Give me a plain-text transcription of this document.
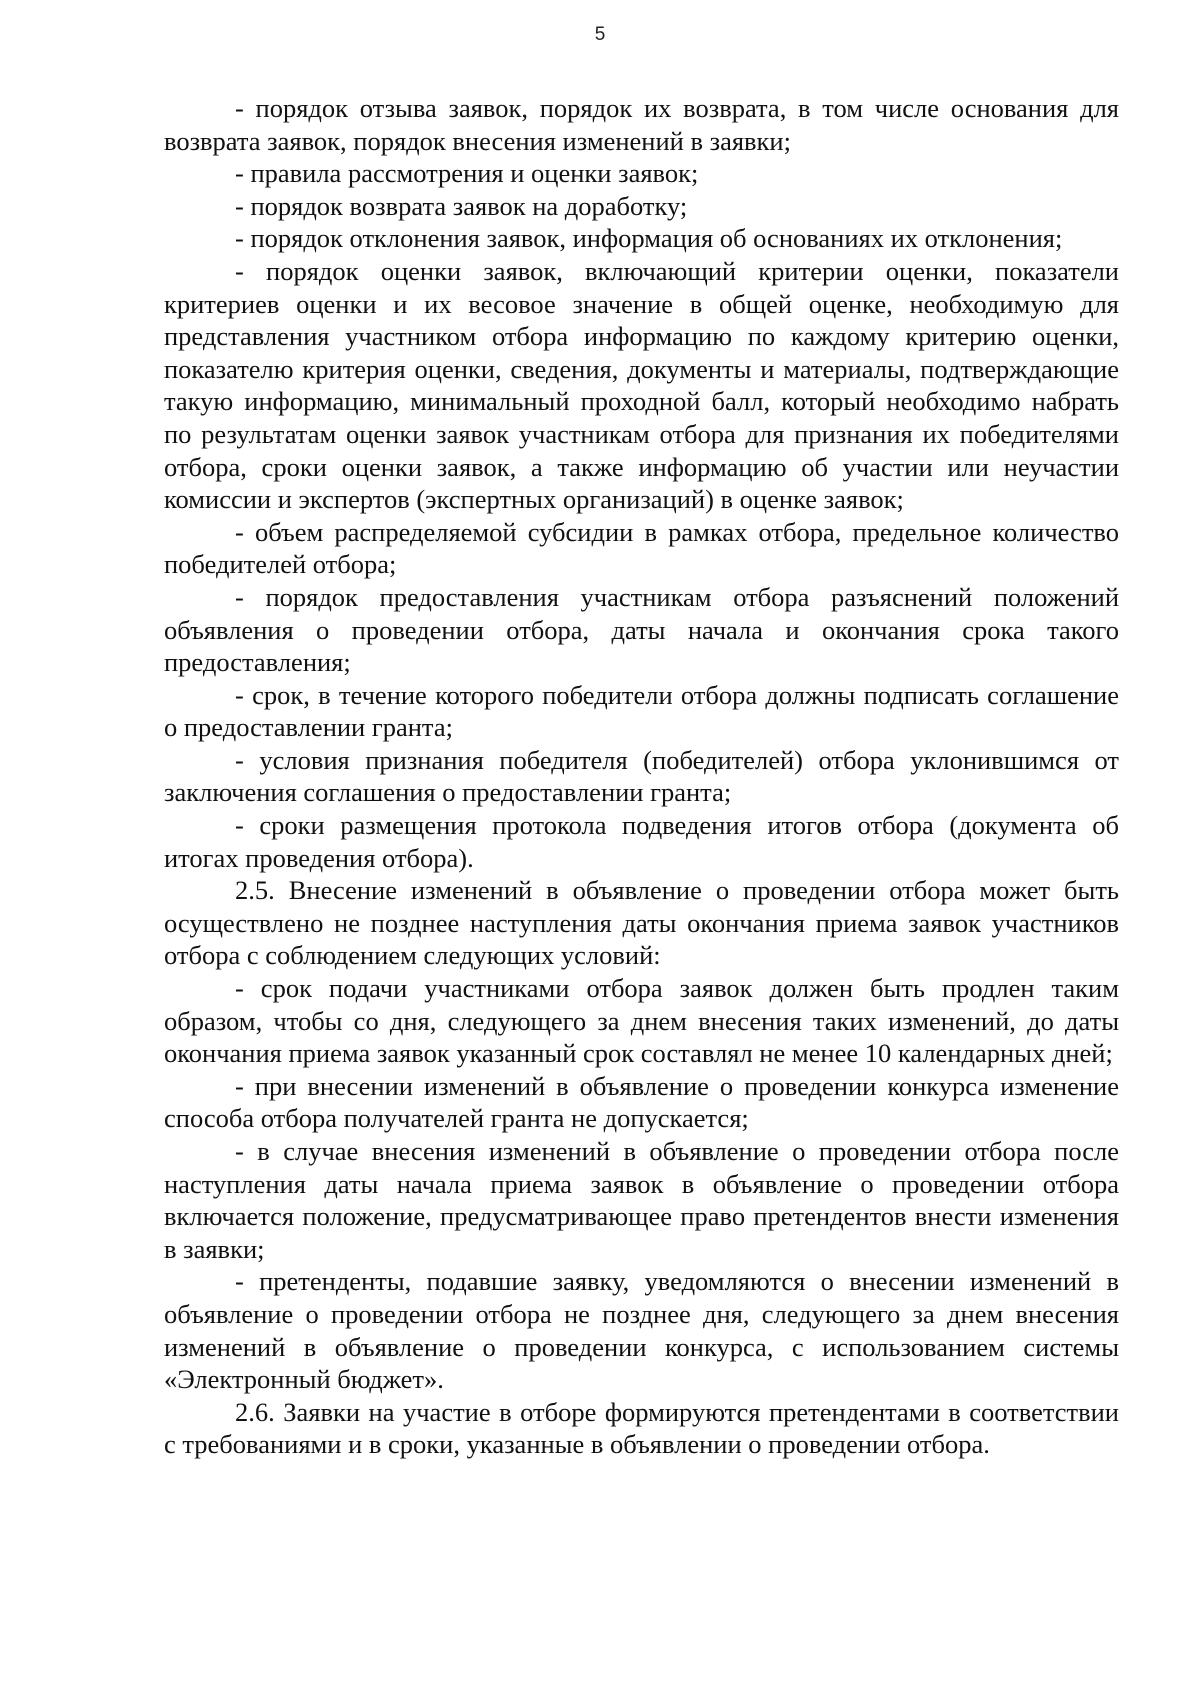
5

- порядок отзыва заявок, порядок их возврата, в том числе основания для возврата заявок, порядок внесения изменений в заявки;

- правила рассмотрения и оценки заявок;

- порядок возврата заявок на доработку;

- порядок отклонения заявок, информация об основаниях их отклонения;

- порядок оценки заявок, включающий критерии оценки, показатели критериев оценки и их весовое значение в общей оценке, необходимую для представления участником отбора информацию по каждому критерию оценки, показателю критерия оценки, сведения, документы и материалы, подтверждающие такую информацию, минимальный проходной балл, который необходимо набрать по результатам оценки заявок участникам отбора для признания их победителями отбора, сроки оценки заявок, а также информацию об участии или неучастии комиссии и экспертов (экспертных организаций) в оценке заявок;

- объем распределяемой субсидии в рамках отбора, предельное количество победителей отбора;

- порядок предоставления участникам отбора разъяснений положений объявления о проведении отбора, даты начала и окончания срока такого предоставления;

- срок, в течение которого победители отбора должны подписать соглашение о предоставлении гранта;

- условия признания победителя (победителей) отбора уклонившимся от заключения соглашения о предоставлении гранта;

- сроки размещения протокола подведения итогов отбора (документа об итогах проведения отбора).

2.5. Внесение изменений в объявление о проведении отбора может быть осуществлено не позднее наступления даты окончания приема заявок участников отбора с соблюдением следующих условий:

- срок подачи участниками отбора заявок должен быть продлен таким образом, чтобы со дня, следующего за днем внесения таких изменений, до даты окончания приема заявок указанный срок составлял не менее 10 календарных дней;

- при внесении изменений в объявление о проведении конкурса изменение способа отбора получателей гранта не допускается;

- в случае внесения изменений в объявление о проведении отбора после наступления даты начала приема заявок в объявление о проведении отбора включается положение, предусматривающее право претендентов внести изменения в заявки;

- претенденты, подавшие заявку, уведомляются о внесении изменений в объявление о проведении отбора не позднее дня, следующего за днем внесения изменений в объявление о проведении конкурса, с использованием системы «Электронный бюджет».

2.6. Заявки на участие в отборе формируются претендентами в соответствии с требованиями и в сроки, указанные в объявлении о проведении отбора.
